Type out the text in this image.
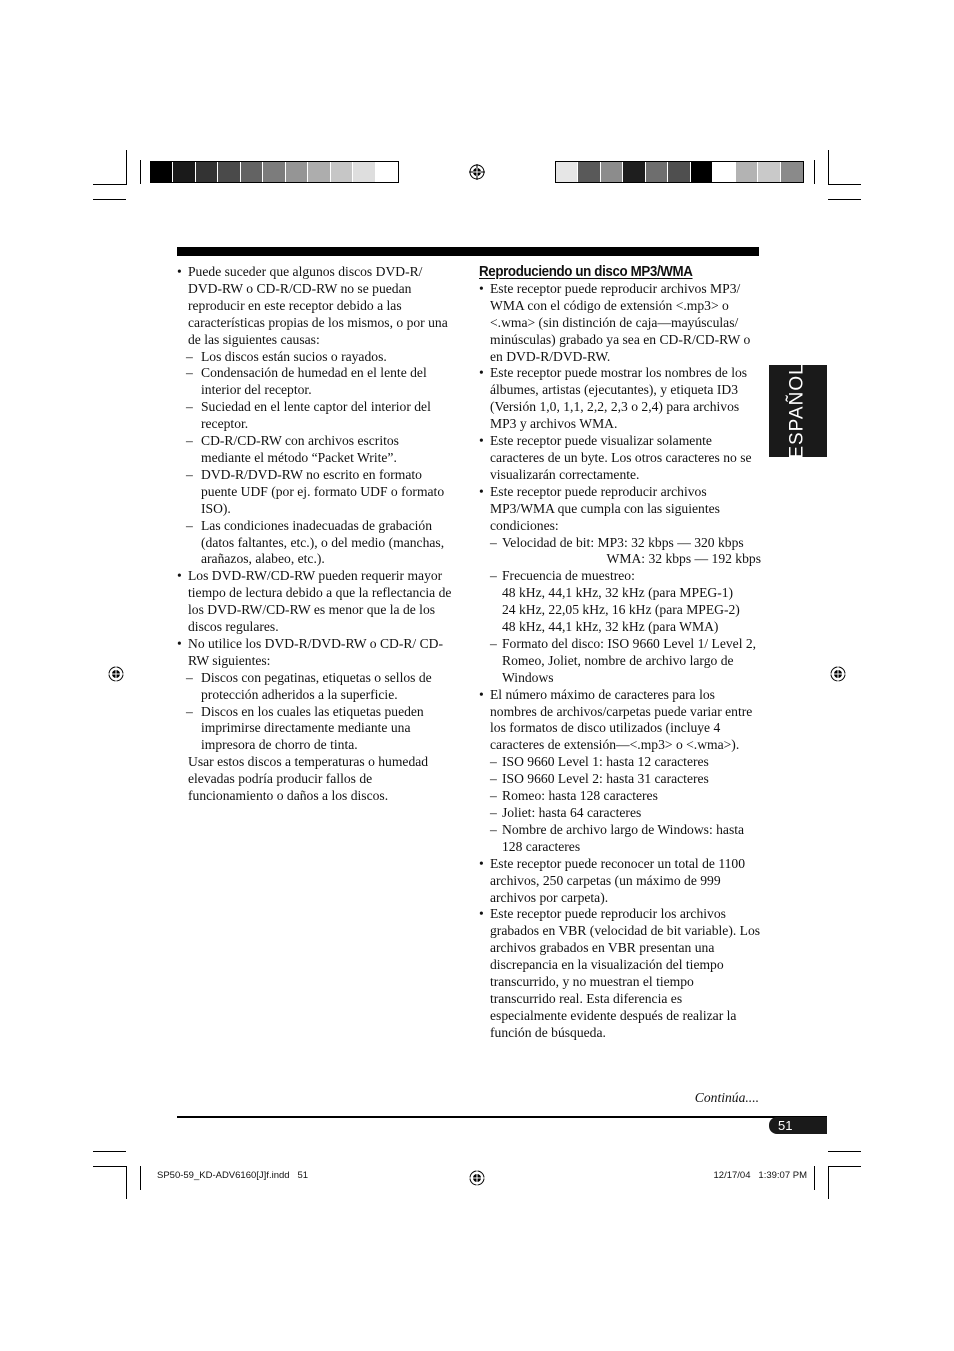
ESPAÑOL

• Puede suceder que algunos discos DVD-R/ DVD-RW o CD-R/CD-RW no se puedan reproducir en este receptor debido a las características propias de los mismos, o por una de las siguientes causas:

– Los discos están sucios o rayados.

– Condensación de humedad en el lente del interior del receptor.

– Suciedad en el lente captor del interior del receptor.

– CD-R/CD-RW con archivos escritos mediante el método “Packet Write”.

– DVD-R/DVD-RW no escrito en formato puente UDF (por ej. formato UDF o formato ISO).

– Las condiciones inadecuadas de grabación (datos faltantes, etc.), o del medio (manchas, arañazos, alabeo, etc.).

• Los DVD-RW/CD-RW pueden requerir mayor tiempo de lectura debido a que la reflectancia de los DVD-RW/CD-RW es menor que la de los discos regulares.

• No utilice los DVD-R/DVD-RW o CD-R/ CD-RW siguientes:

– Discos con pegatinas, etiquetas o sellos de protección adheridos a la superficie.

– Discos en los cuales las etiquetas pueden imprimirse directamente mediante una impresora de chorro de tinta.

Usar estos discos a temperaturas o humedad elevadas podría producir fallos de funcionamiento o daños a los discos.

Reproduciendo un disco MP3/WMA

• Este receptor puede reproducir archivos MP3/ WMA con el código de extensión <.mp3> o <.wma> (sin distinción de caja—mayúsculas/ minúsculas) grabado ya sea en CD-R/CD-RW o en DVD-R/DVD-RW.

• Este receptor puede mostrar los nombres de los álbumes, artistas (ejecutantes), y etiqueta ID3 (Versión 1,0, 1,1, 2,2, 2,3 o 2,4) para archivos MP3 y archivos WMA.

• Este receptor puede visualizar solamente caracteres de un byte. Los otros caracteres no se visualizarán correctamente.

• Este receptor puede reproducir archivos MP3/WMA que cumpla con las siguientes condiciones:

– Velocidad de bit: MP3: 32 kbps — 320 kbps

WMA: 32 kbps — 192 kbps

– Frecuencia de muestreo:

48 kHz, 44,1 kHz, 32 kHz (para MPEG-1)

24 kHz, 22,05 kHz, 16 kHz (para MPEG-2)

48 kHz, 44,1 kHz, 32 kHz (para WMA)

– Formato del disco: ISO 9660 Level 1/ Level 2, Romeo, Joliet, nombre de archivo largo de Windows

• El número máximo de caracteres para los nombres de archivos/carpetas puede variar entre los formatos de disco utilizados (incluye 4 caracteres de extensión—<.mp3> o <.wma>).

– ISO 9660 Level 1: hasta 12 caracteres

– ISO 9660 Level 2: hasta 31 caracteres

– Romeo: hasta 128 caracteres

– Joliet: hasta 64 caracteres

– Nombre de archivo largo de Windows: hasta 128 caracteres

• Este receptor puede reconocer un total de 1100 archivos, 250 carpetas (un máximo de 999 archivos por carpeta).

• Este receptor puede reproducir los archivos grabados en VBR (velocidad de bit variable). Los archivos grabados en VBR presentan una discrepancia en la visualización del tiempo transcurrido, y no muestran el tiempo transcurrido real. Esta diferencia es especialmente evidente después de realizar la función de búsqueda.

Continúa....
51
SP50-59_KD-ADV6160[J]f.indd   51	12/17/04   1:39:07 PM
